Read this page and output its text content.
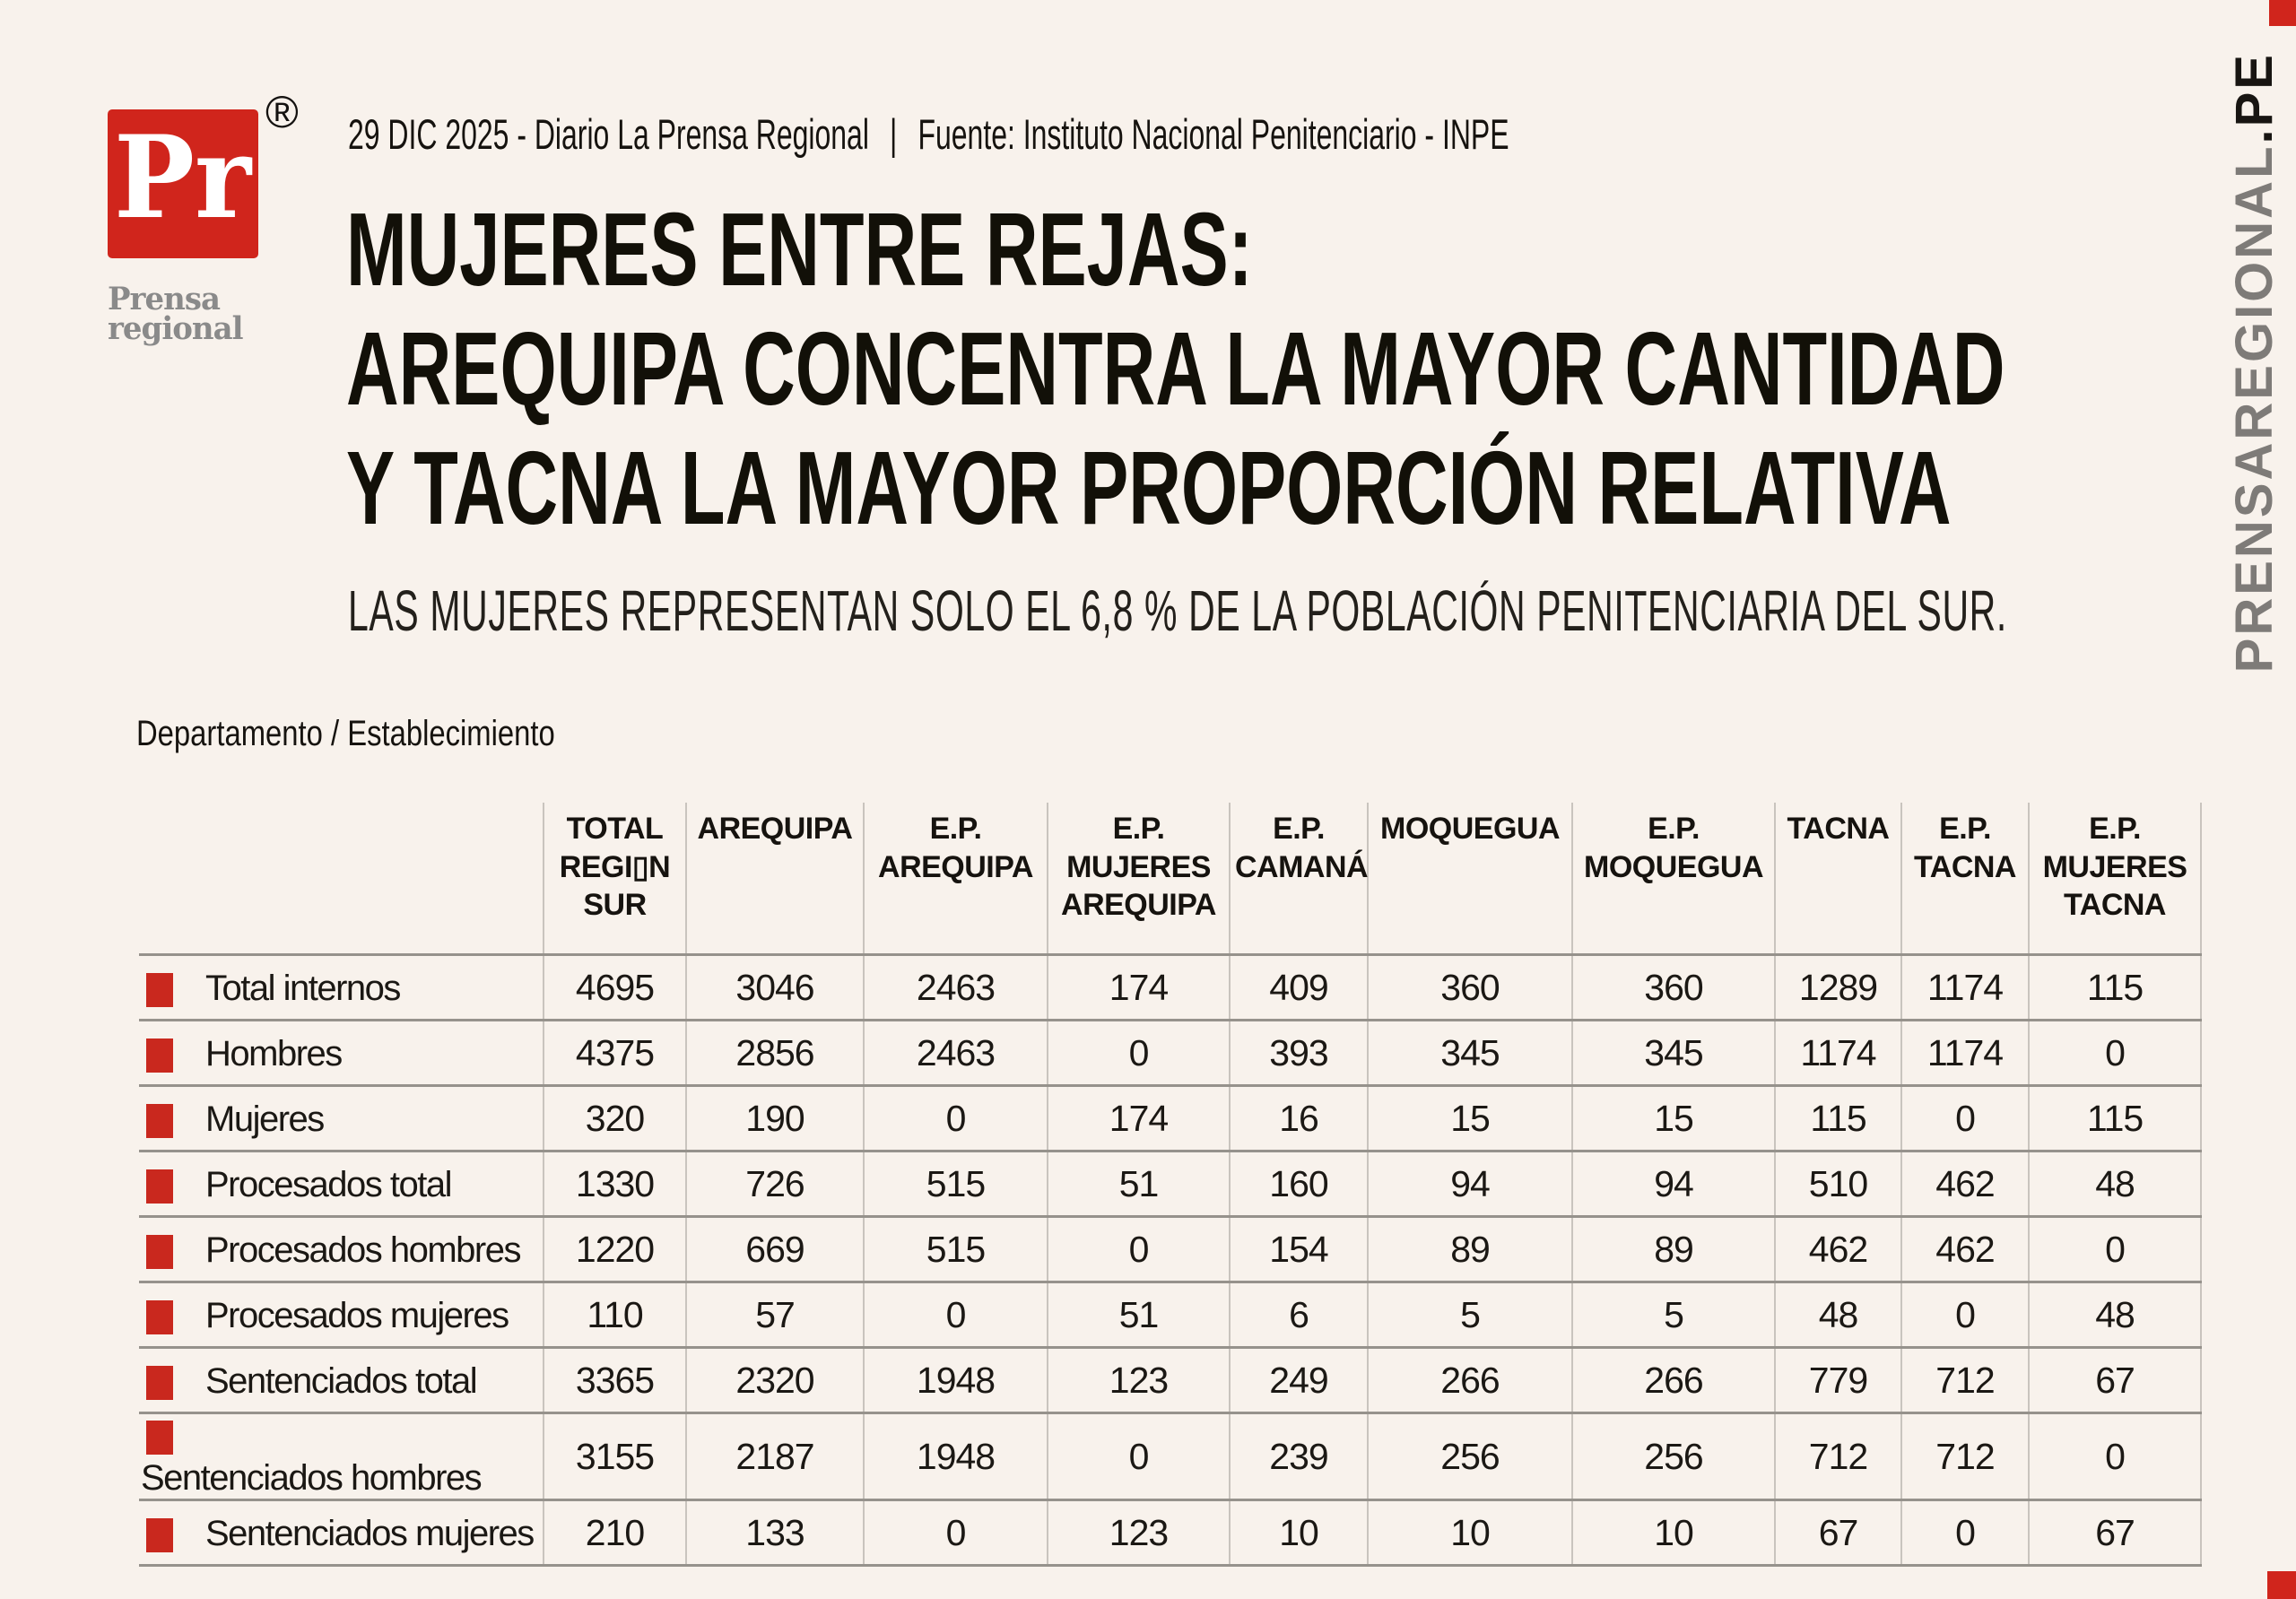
PRENSAREGIONAL.PE
Pr ®
Prensa
regional
29 DIC 2025 - Diario La Prensa Regional | Fuente: Instituto Nacional Penitenciario - INPE
MUJERES ENTRE REJAS:
AREQUIPA CONCENTRA LA MAYOR CANTIDAD
Y TACNA LA MAYOR PROPORCIÓN RELATIVA
LAS MUJERES REPRESENTAN SOLO EL 6,8 % DE LA POBLACIÓN PENITENCIARIA DEL SUR.
Departamento / Establecimiento
	TOTAL REGI▯N SUR	AREQUIPA	E.P. AREQUIPA	E.P. MUJERES AREQUIPA	E.P. CAMANÁ	MOQUEGUA	E.P. MOQUEGUA	TACNA	E.P. TACNA	E.P. MUJERES TACNA
Total internos	4695	3046	2463	174	409	360	360	1289	1174	115
Hombres	4375	2856	2463	0	393	345	345	1174	1174	0
Mujeres	320	190	0	174	16	15	15	115	0	115
Procesados total	1330	726	515	51	160	94	94	510	462	48
Procesados hombres	1220	669	515	0	154	89	89	462	462	0
Procesados mujeres	110	57	0	51	6	5	5	48	0	48
Sentenciados total	3365	2320	1948	123	249	266	266	779	712	67
Sentenciados hombres	3155	2187	1948	0	239	256	256	712	712	0
Sentenciados mujeres	210	133	0	123	10	10	10	67	0	67
